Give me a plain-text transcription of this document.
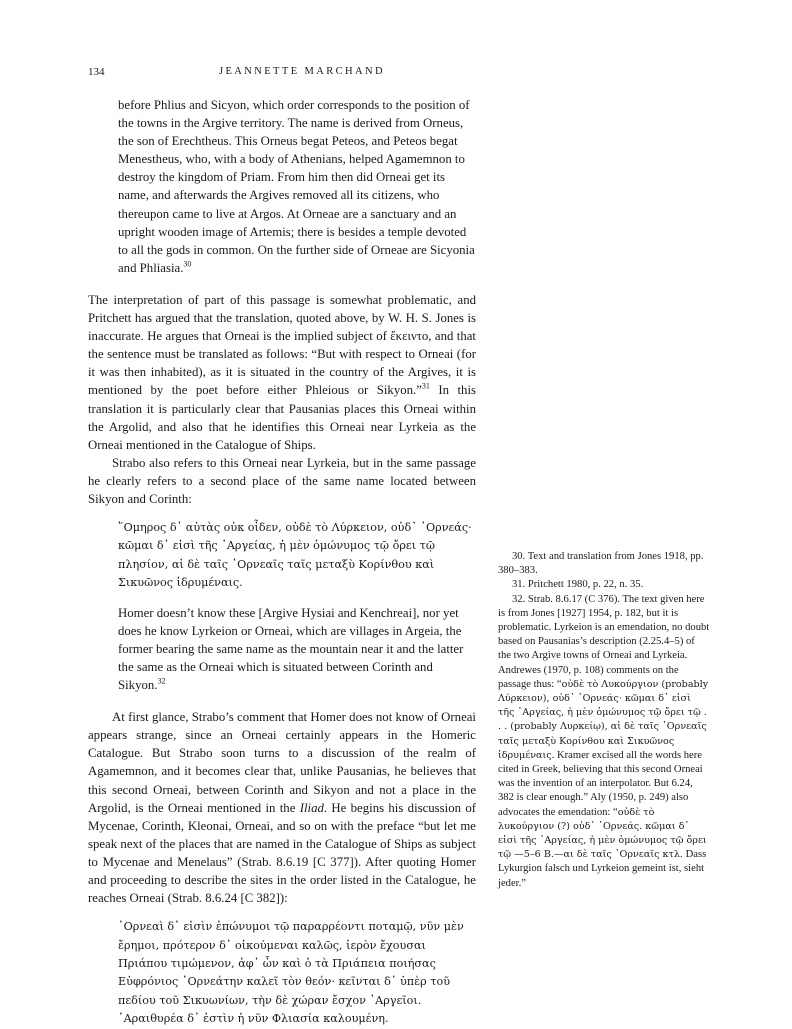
134	JEANNETTE MARCHAND

before Phlius and Sicyon, which order corresponds to the position of the towns in the Argive territory. The name is derived from Orneus, the son of Erechtheus. This Orneus begat Peteos, and Peteos begat Menestheus, who, with a body of Athenians, helped Agamemnon to destroy the kingdom of Priam. From him then did Orneai get its name, and afterwards the Argives removed all its citizens, who thereupon came to live at Argos. At Orneae are a sanctuary and an upright wooden image of Artemis; there is besides a temple devoted to all the gods in common. On the further side of Orneae are Sicyonia and Phliasia.$^{30}$

The interpretation of part of this passage is somewhat problematic, and Pritchett has argued that the translation, quoted above, by W. H. S. Jones is inaccurate. He argues that Orneai is the implied subject of ἔκειντο, and that the sentence must be translated as follows: “But with respect to Orneai (for it was then inhabited), as it is situated in the country of the Argives, it is mentioned by the poet before either Phleious or Sikyon.”$^{31}$ In this translation it is particularly clear that Pausanias places this Orneai within the Argolid, and also that he identifies this Orneai near Lyrkeia as the Orneai mentioned in the Catalogue of Ships.

Strabo also refers to this Orneai near Lyrkeia, but in the same passage he clearly refers to a second place of the same name located between Sikyon and Corinth:

῞Ομηρος δ᾽ αὐτὰς οὐκ οἶδεν, οὐδὲ τὸ Λύρκειον, οὐδ᾽ ᾿Ορνεάς· κῶμαι δ᾽ εἰσὶ τῆς ᾿Αργείας, ἡ μὲν ὁμώνυμος τῷ ὄρει τῷ πλησίον, αἱ δὲ ταῖς ᾿Ορνεαῖς ταῖς μεταξὺ Κορίνθου καὶ Σικυῶνος ἱδρυμέναις.

Homer doesn’t know these [Argive Hysiai and Kenchreai], nor yet does he know Lyrkeion or Orneai, which are villages in Argeia, the former bearing the same name as the mountain near it and the latter the same as the Orneai which is situated between Corinth and Sikyon.$^{32}$

At first glance, Strabo’s comment that Homer does not know of Orneai appears strange, since an Orneai certainly appears in the Homeric Catalogue. But Strabo soon turns to a discussion of the realm of Agamemnon, and it becomes clear that, unlike Pausanias, he believes that this second Orneai, between Corinth and Sikyon and not a place in the Argolid, is the Orneai mentioned in the Iliad. He begins his discussion of Mycenae, Corinth, Kleonai, Orneai, and so on with the preface “but let me speak next of the places that are named in the Catalogue of Ships as subject to Mycenae and Menelaus” (Strab. 8.6.19 [C 377]). After quoting Homer and proceeding to describe the sites in the order listed in the Catalogue, he reaches Orneai (Strab. 8.6.24 [C 382]):

᾿Ορνεαὶ δ᾽ εἰσὶν ἐπώνυμοι τῷ παραρρέοντι ποταμῷ, νῦν μὲν ἔρημοι, πρότερον δ᾽ οἰκούμεναι καλῶς, ἱερὸν ἔχουσαι Πριάπου τιμώμενον, ἀφ᾽ ὧν καὶ ὁ τὰ Πριάπεια ποιήσας Εὐφρόνιος ᾿Ορνεάτην καλεῖ τὸν θεόν· κεῖνται δ᾽ ὑπὲρ τοῦ πεδίου τοῦ Σικυωνίων, τὴν δὲ χώραν ἔσχον ᾿Αργεῖοι. ᾿Αραιθυρέα δ᾽ ἐστὶν ἡ νῦν Φλιασία καλουμένη.

30. Text and translation from Jones 1918, pp. 380–383.

31. Pritchett 1980, p. 22, n. 35.

32. Strab. 8.6.17 (C 376). The text given here is from Jones [1927] 1954, p. 182, but it is problematic. Lyrkeion is an emendation, no doubt based on Pausanias’s description (2.25.4–5) of the two Argive towns of Orneai and Lyrkeia. Andrewes (1970, p. 108) comments on the passage thus: “οὐδὲ τὸ Λυκούργιον (probably Λύρκειον), οὐδ᾽ ᾿Ορνεάς· κῶμαι δ᾽ εἰσὶ τῆς ᾿Αργείας, ἡ μὲν ὁμώνυμος τῷ ὄρει τῷ . . . (probably Λυρκείῳ), αἱ δὲ ταῖς ᾿Ορνεαῖς ταῖς μεταξὺ Κορίνθου καὶ Σικυῶνος ἱδρυμέναις. Kramer excised all the words here cited in Greek, believing that this second Orneai was the invention of an interpolator. But 6.24, 382 is clear enough.” Aly (1950, p. 249) also advocates the emendation: “οὐδὲ τὸ λυκούργιον (?) οὐδ᾽ ᾿Ορνεάς. κῶμαι δ᾽ εἰσὶ τῆς ᾿Αργείας, ἡ μὲν ὁμώνυμος τῷ ὄρει τῷ —5–6 B.—αι δὲ ταῖς ᾿Ορνεαῖς κτλ. Dass Lykurgion falsch und Lyrkeion gemeint ist, sieht jeder.”
